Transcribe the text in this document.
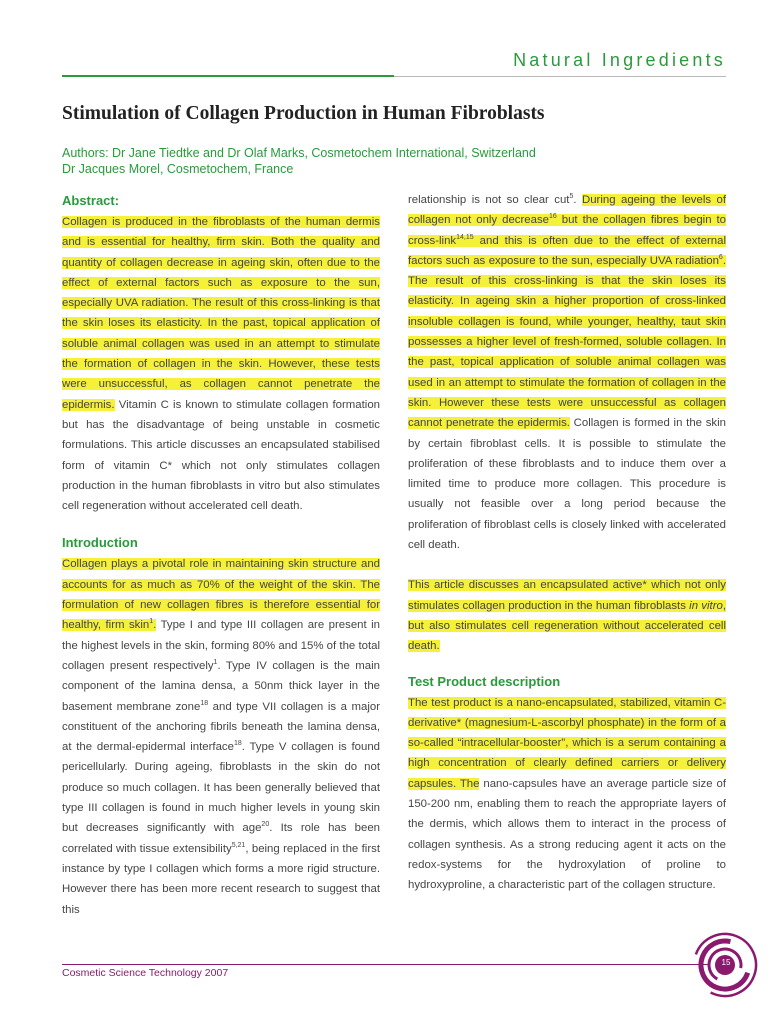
Natural Ingredients
Stimulation of Collagen Production in Human Fibroblasts
Authors: Dr Jane Tiedtke and Dr Olaf Marks, Cosmetochem International, Switzerland
Dr Jacques Morel, Cosmetochem, France
Abstract:

Collagen is produced in the fibroblasts of the human dermis and is essential for healthy, firm skin. Both the quality and quantity of collagen decrease in ageing skin, often due to the effect of external factors such as exposure to the sun, especially UVA radiation. The result of this cross-linking is that the skin loses its elasticity. In the past, topical application of soluble animal collagen was used in an attempt to stimulate the formation of collagen in the skin. However, these tests were unsuccessful, as collagen cannot penetrate the epidermis. Vitamin C is known to stimulate collagen formation but has the disadvantage of being unstable in cosmetic formulations. This article discusses an encapsulated stabilised form of vitamin C* which not only stimulates collagen production in the human fibroblasts in vitro but also stimulates cell regeneration without accelerated cell death.

Introduction

Collagen plays a pivotal role in maintaining skin structure and accounts for as much as 70% of the weight of the skin. The formulation of new collagen fibres is therefore essential for healthy, firm skin$^1$. Type I and type III collagen are present in the highest levels in the skin, forming 80% and 15% of the total collagen present respectively$^1$. Type IV collagen is the main component of the lamina densa, a 50nm thick layer in the basement membrane zone$^{18}$ and type VII collagen is a major constituent of the anchoring fibrils beneath the lamina densa, at the dermal-epidermal interface$^{18}$. Type V collagen is found pericellularly. During ageing, fibroblasts in the skin do not produce so much collagen. It has been generally believed that type III collagen is found in much higher levels in young skin but decreases significantly with age$^{20}$. Its role has been correlated with tissue extensibility$^{5,21}$, being replaced in the first instance by type I collagen which forms a more rigid structure. However there has been more recent research to suggest that this

relationship is not so clear cut$^5$. During ageing the levels of collagen not only decrease$^{16}$ but the collagen fibres begin to cross-link$^{14,15}$ and this is often due to the effect of external factors such as exposure to the sun, especially UVA radiation$^6$. The result of this cross-linking is that the skin loses its elasticity. In ageing skin a higher proportion of cross-linked insoluble collagen is found, while younger, healthy, taut skin possesses a higher level of fresh-formed, soluble collagen. In the past, topical application of soluble animal collagen was used in an attempt to stimulate the formation of collagen in the skin. However these tests were unsuccessful as collagen cannot penetrate the epidermis. Collagen is formed in the skin by certain fibroblast cells. It is possible to stimulate the proliferation of these fibroblasts and to induce them over a limited time to produce more collagen. This procedure is usually not feasible over a long period because the proliferation of fibroblast cells is closely linked with accelerated cell death.

This article discusses an encapsulated active* which not only stimulates collagen production in the human fibroblasts in vitro, but also stimulates cell regeneration without accelerated cell death.

Test Product description

The test product is a nano-encapsulated, stabilized, vitamin C-derivative* (magnesium-L-ascorbyl phosphate) in the form of a so-called “intracellular-booster”, which is a serum containing a high concentration of clearly defined carriers or delivery capsules. The nano-capsules have an average particle size of 150-200 nm, enabling them to reach the appropriate layers of the dermis, which allows them to interact in the process of collagen synthesis. As a strong reducing agent it acts on the redox-systems for the hydroxylation of proline to hydroxyproline, a characteristic part of the collagen structure.

Cosmetic Science Technology 2007
15
